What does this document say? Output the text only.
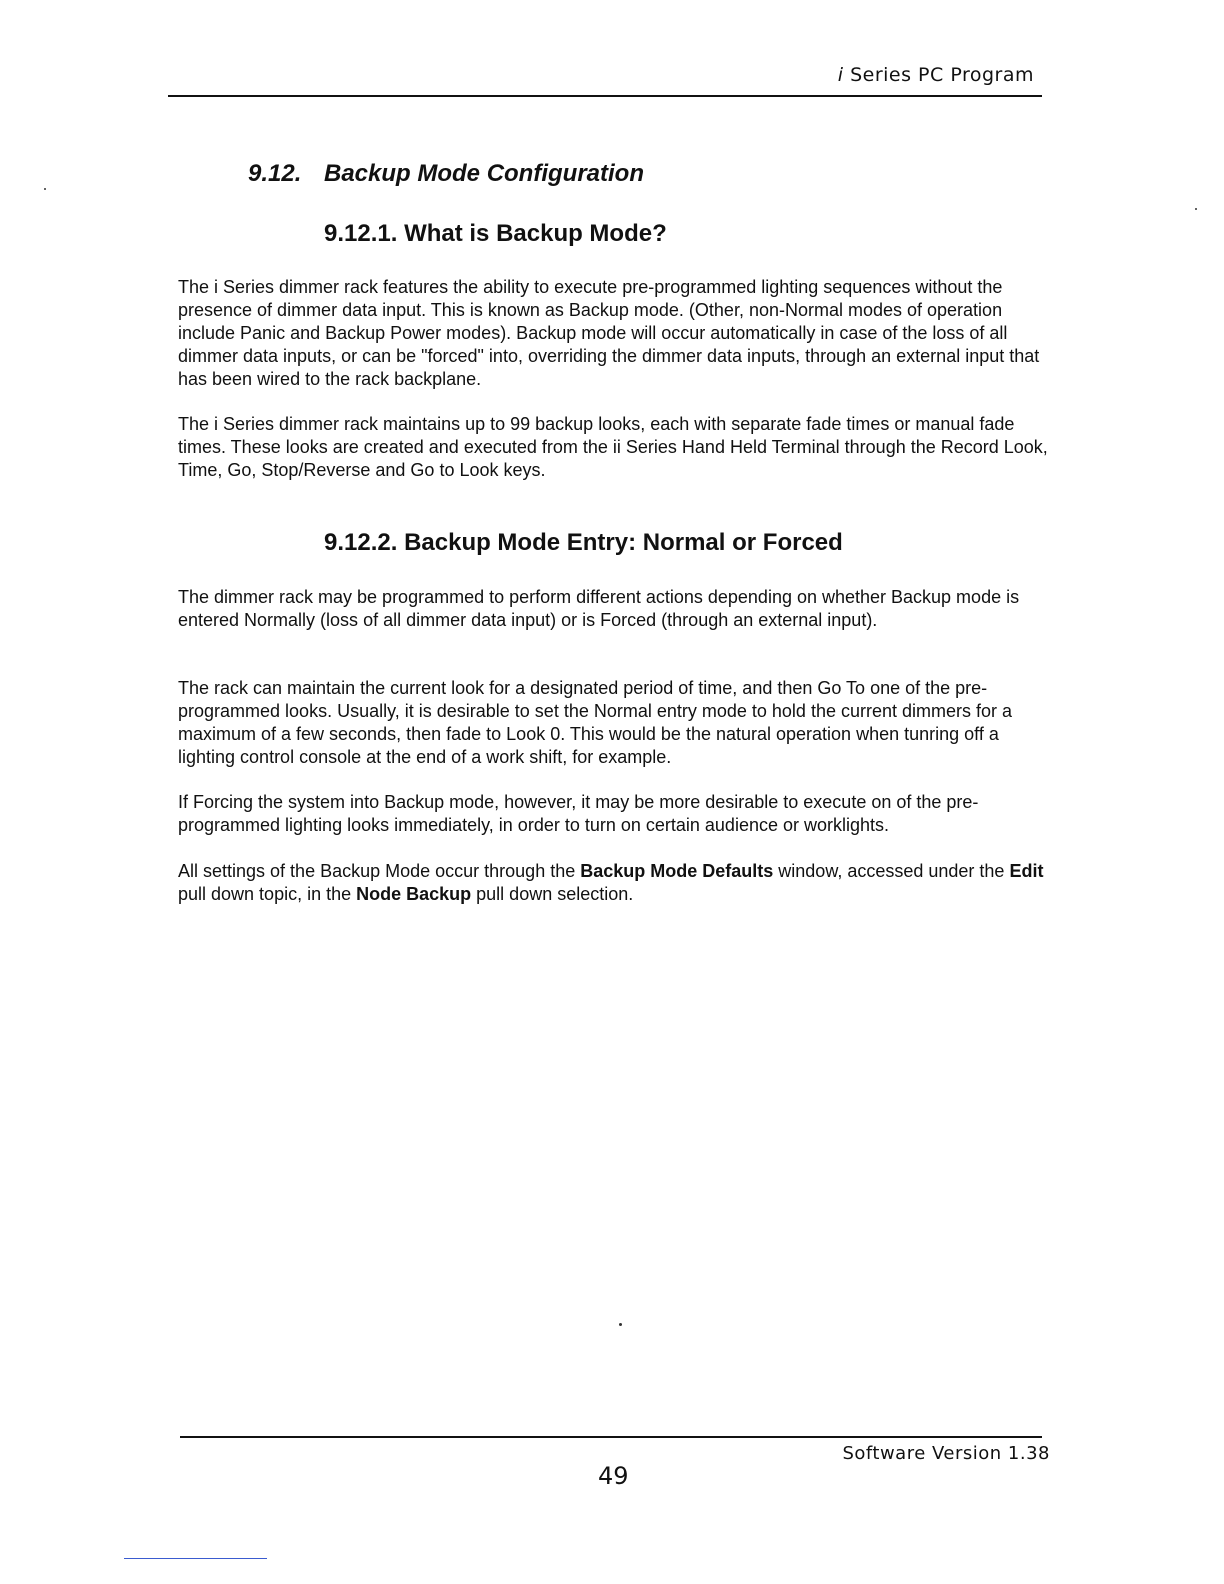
i Series PC Program
9.12. Backup Mode Configuration
9.12.1. What is Backup Mode?

The i Series dimmer rack features the ability to execute pre-programmed lighting sequences without the presence of dimmer data input. This is known as Backup mode. (Other, non-Normal modes of operation include Panic and Backup Power modes). Backup mode will occur automatically in case of the loss of all dimmer data inputs, or can be "forced" into, overriding the dimmer data inputs, through an external input that has been wired to the rack backplane.

The i Series dimmer rack maintains up to 99 backup looks, each with separate fade times or manual fade times. These looks are created and executed from the ii Series Hand Held Terminal through the Record Look, Time, Go, Stop/Reverse and Go to Look keys.

9.12.2. Backup Mode Entry: Normal or Forced

The dimmer rack may be programmed to perform different actions depending on whether Backup mode is entered Normally (loss of all dimmer data input) or is Forced (through an external input).

The rack can maintain the current look for a designated period of time, and then Go To one of the pre-programmed looks. Usually, it is desirable to set the Normal entry mode to hold the current dimmers for a maximum of a few seconds, then fade to Look 0. This would be the natural operation when tunring off a lighting control console at the end of a work shift, for example.

If Forcing the system into Backup mode, however, it may be more desirable to execute on of the pre-programmed lighting looks immediately, in order to turn on certain audience or worklights.

All settings of the Backup Mode occur through the Backup Mode Defaults window, accessed under the Edit pull down topic, in the Node Backup pull down selection.

Software Version 1.38
49
